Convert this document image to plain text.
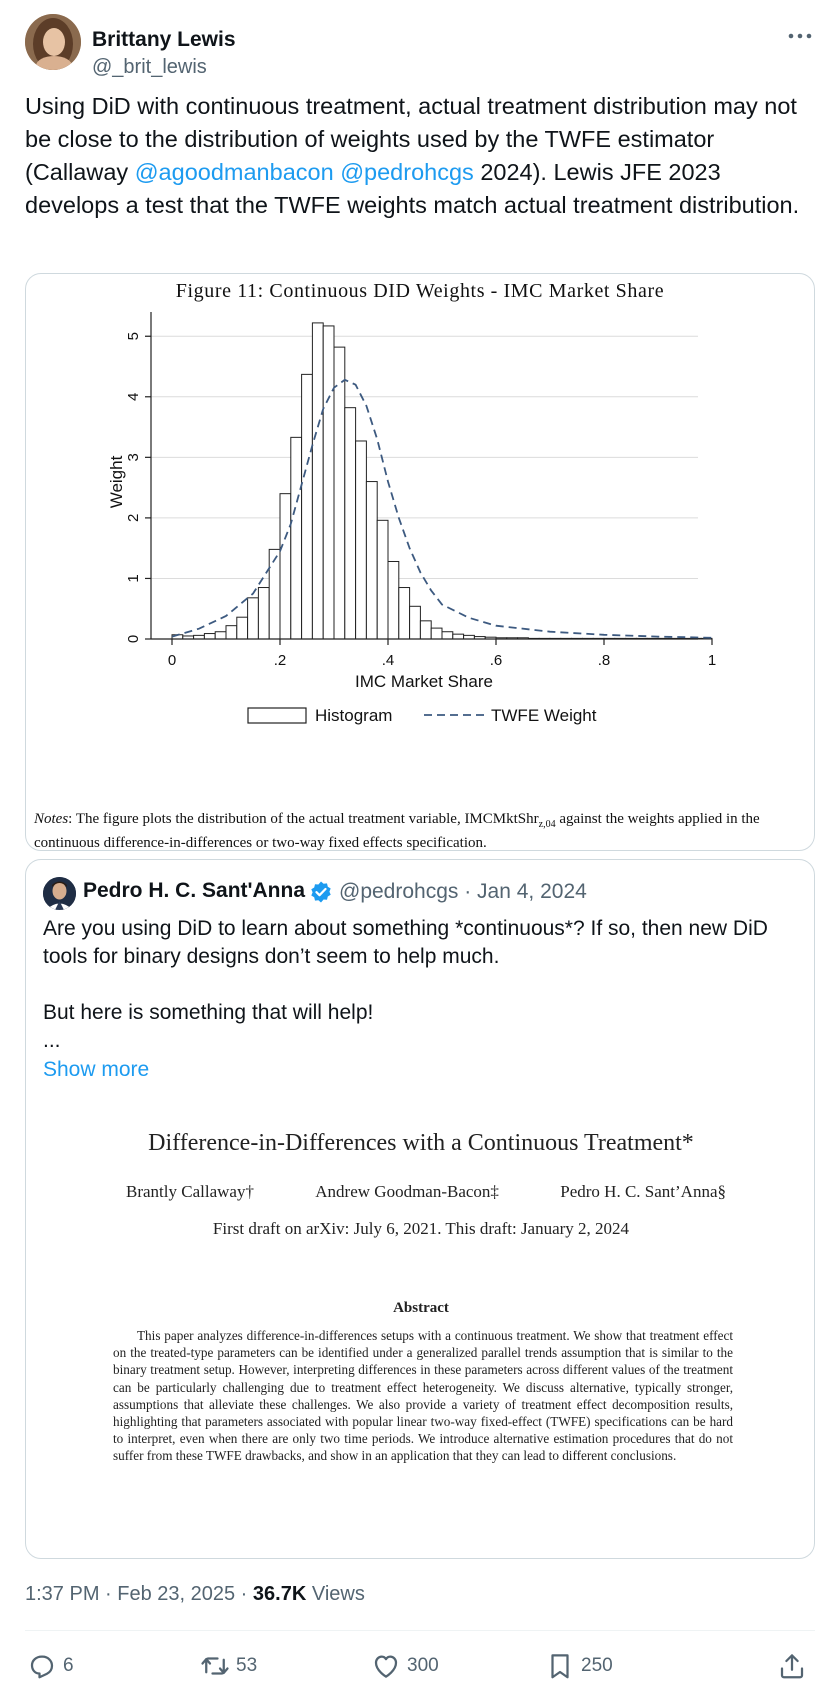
Brittany Lewis
@_brit_lewis
Using DiD with continuous treatment, actual treatment distribution may not be close to the distribution of weights used by the TWFE estimator (Callaway @agoodmanbacon @pedrohcgs 2024). Lewis JFE 2023 develops a test that the TWFE weights match actual treatment distribution.
Figure 11: Continuous DID Weights - IMC Market Share
0
1
2
3
4
5
0	.2	.4	.6	.8	1
IMC Market Share
Weight
Histogram	TWFE Weight
Notes: The figure plots the distribution of the actual treatment variable, IMCMktShr$_{z,04}$ against the weights applied in the continuous difference-in-differences or two-way fixed effects specification.
Pedro H. C. Sant'Anna @pedrohcgs · Jan 4, 2024
Are you using DiD to learn about something *continuous*? If so, then new DiD tools for binary designs don’t seem to help much.

But here is something that will help!
...
Show more
Difference-in-Differences with a Continuous Treatment*
Brantly Callaway†	Andrew Goodman-Bacon‡	Pedro H. C. Sant’Anna§
First draft on arXiv: July 6, 2021. This draft: January 2, 2024
Abstract
This paper analyzes difference-in-differences setups with a continuous treatment. We show that treatment effect on the treated-type parameters can be identified under a generalized parallel trends assumption that is similar to the binary treatment setup. However, interpreting differences in these parameters across different values of the treatment can be particularly challenging due to treatment effect heterogeneity. We discuss alternative, typically stronger, assumptions that alleviate these challenges. We also provide a variety of treatment effect decomposition results, highlighting that parameters associated with popular linear two-way fixed-effect (TWFE) specifications can be hard to interpret, even when there are only two time periods. We introduce alternative estimation procedures that do not suffer from these TWFE drawbacks, and show in an application that they can lead to different conclusions.
1:37 PM · Feb 23, 2025 · 36.7K Views
6	53	300	250
